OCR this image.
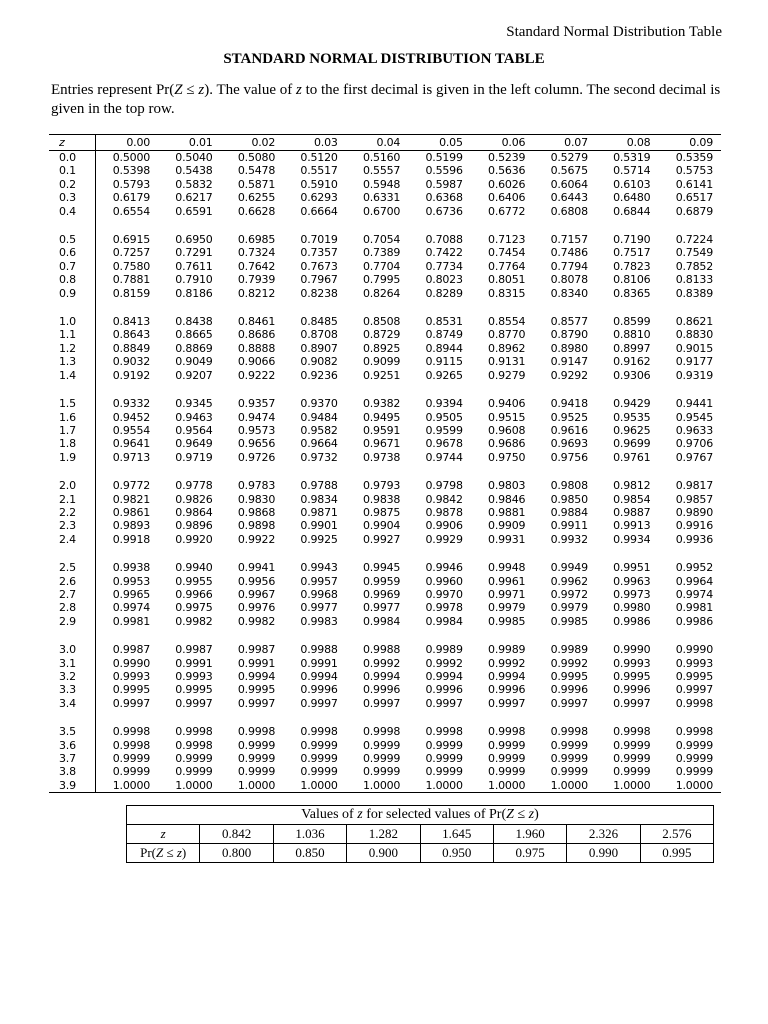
Standard Normal Distribution Table
STANDARD NORMAL DISTRIBUTION TABLE
Entries represent Pr(Z ≤ z). The value of z to the first decimal is given in the left column. The second decimal is given in the top row.
z	0.00	0.01	0.02	0.03	0.04	0.05	0.06	0.07	0.08	0.09
0.0	0.5000	0.5040	0.5080	0.5120	0.5160	0.5199	0.5239	0.5279	0.5319	0.5359
0.1	0.5398	0.5438	0.5478	0.5517	0.5557	0.5596	0.5636	0.5675	0.5714	0.5753
0.2	0.5793	0.5832	0.5871	0.5910	0.5948	0.5987	0.6026	0.6064	0.6103	0.6141
0.3	0.6179	0.6217	0.6255	0.6293	0.6331	0.6368	0.6406	0.6443	0.6480	0.6517
0.4	0.6554	0.6591	0.6628	0.6664	0.6700	0.6736	0.6772	0.6808	0.6844	0.6879

0.5	0.6915	0.6950	0.6985	0.7019	0.7054	0.7088	0.7123	0.7157	0.7190	0.7224
0.6	0.7257	0.7291	0.7324	0.7357	0.7389	0.7422	0.7454	0.7486	0.7517	0.7549
0.7	0.7580	0.7611	0.7642	0.7673	0.7704	0.7734	0.7764	0.7794	0.7823	0.7852
0.8	0.7881	0.7910	0.7939	0.7967	0.7995	0.8023	0.8051	0.8078	0.8106	0.8133
0.9	0.8159	0.8186	0.8212	0.8238	0.8264	0.8289	0.8315	0.8340	0.8365	0.8389

1.0	0.8413	0.8438	0.8461	0.8485	0.8508	0.8531	0.8554	0.8577	0.8599	0.8621
1.1	0.8643	0.8665	0.8686	0.8708	0.8729	0.8749	0.8770	0.8790	0.8810	0.8830
1.2	0.8849	0.8869	0.8888	0.8907	0.8925	0.8944	0.8962	0.8980	0.8997	0.9015
1.3	0.9032	0.9049	0.9066	0.9082	0.9099	0.9115	0.9131	0.9147	0.9162	0.9177
1.4	0.9192	0.9207	0.9222	0.9236	0.9251	0.9265	0.9279	0.9292	0.9306	0.9319

1.5	0.9332	0.9345	0.9357	0.9370	0.9382	0.9394	0.9406	0.9418	0.9429	0.9441
1.6	0.9452	0.9463	0.9474	0.9484	0.9495	0.9505	0.9515	0.9525	0.9535	0.9545
1.7	0.9554	0.9564	0.9573	0.9582	0.9591	0.9599	0.9608	0.9616	0.9625	0.9633
1.8	0.9641	0.9649	0.9656	0.9664	0.9671	0.9678	0.9686	0.9693	0.9699	0.9706
1.9	0.9713	0.9719	0.9726	0.9732	0.9738	0.9744	0.9750	0.9756	0.9761	0.9767

2.0	0.9772	0.9778	0.9783	0.9788	0.9793	0.9798	0.9803	0.9808	0.9812	0.9817
2.1	0.9821	0.9826	0.9830	0.9834	0.9838	0.9842	0.9846	0.9850	0.9854	0.9857
2.2	0.9861	0.9864	0.9868	0.9871	0.9875	0.9878	0.9881	0.9884	0.9887	0.9890
2.3	0.9893	0.9896	0.9898	0.9901	0.9904	0.9906	0.9909	0.9911	0.9913	0.9916
2.4	0.9918	0.9920	0.9922	0.9925	0.9927	0.9929	0.9931	0.9932	0.9934	0.9936

2.5	0.9938	0.9940	0.9941	0.9943	0.9945	0.9946	0.9948	0.9949	0.9951	0.9952
2.6	0.9953	0.9955	0.9956	0.9957	0.9959	0.9960	0.9961	0.9962	0.9963	0.9964
2.7	0.9965	0.9966	0.9967	0.9968	0.9969	0.9970	0.9971	0.9972	0.9973	0.9974
2.8	0.9974	0.9975	0.9976	0.9977	0.9977	0.9978	0.9979	0.9979	0.9980	0.9981
2.9	0.9981	0.9982	0.9982	0.9983	0.9984	0.9984	0.9985	0.9985	0.9986	0.9986

3.0	0.9987	0.9987	0.9987	0.9988	0.9988	0.9989	0.9989	0.9989	0.9990	0.9990
3.1	0.9990	0.9991	0.9991	0.9991	0.9992	0.9992	0.9992	0.9992	0.9993	0.9993
3.2	0.9993	0.9993	0.9994	0.9994	0.9994	0.9994	0.9994	0.9995	0.9995	0.9995
3.3	0.9995	0.9995	0.9995	0.9996	0.9996	0.9996	0.9996	0.9996	0.9996	0.9997
3.4	0.9997	0.9997	0.9997	0.9997	0.9997	0.9997	0.9997	0.9997	0.9997	0.9998

3.5	0.9998	0.9998	0.9998	0.9998	0.9998	0.9998	0.9998	0.9998	0.9998	0.9998
3.6	0.9998	0.9998	0.9999	0.9999	0.9999	0.9999	0.9999	0.9999	0.9999	0.9999
3.7	0.9999	0.9999	0.9999	0.9999	0.9999	0.9999	0.9999	0.9999	0.9999	0.9999
3.8	0.9999	0.9999	0.9999	0.9999	0.9999	0.9999	0.9999	0.9999	0.9999	0.9999
3.9	1.0000	1.0000	1.0000	1.0000	1.0000	1.0000	1.0000	1.0000	1.0000	1.0000
Values of z for selected values of Pr(Z ≤ z)							
z	0.842	1.036	1.282	1.645	1.960	2.326	2.576
Pr(Z ≤ z)	0.800	0.850	0.900	0.950	0.975	0.990	0.995
